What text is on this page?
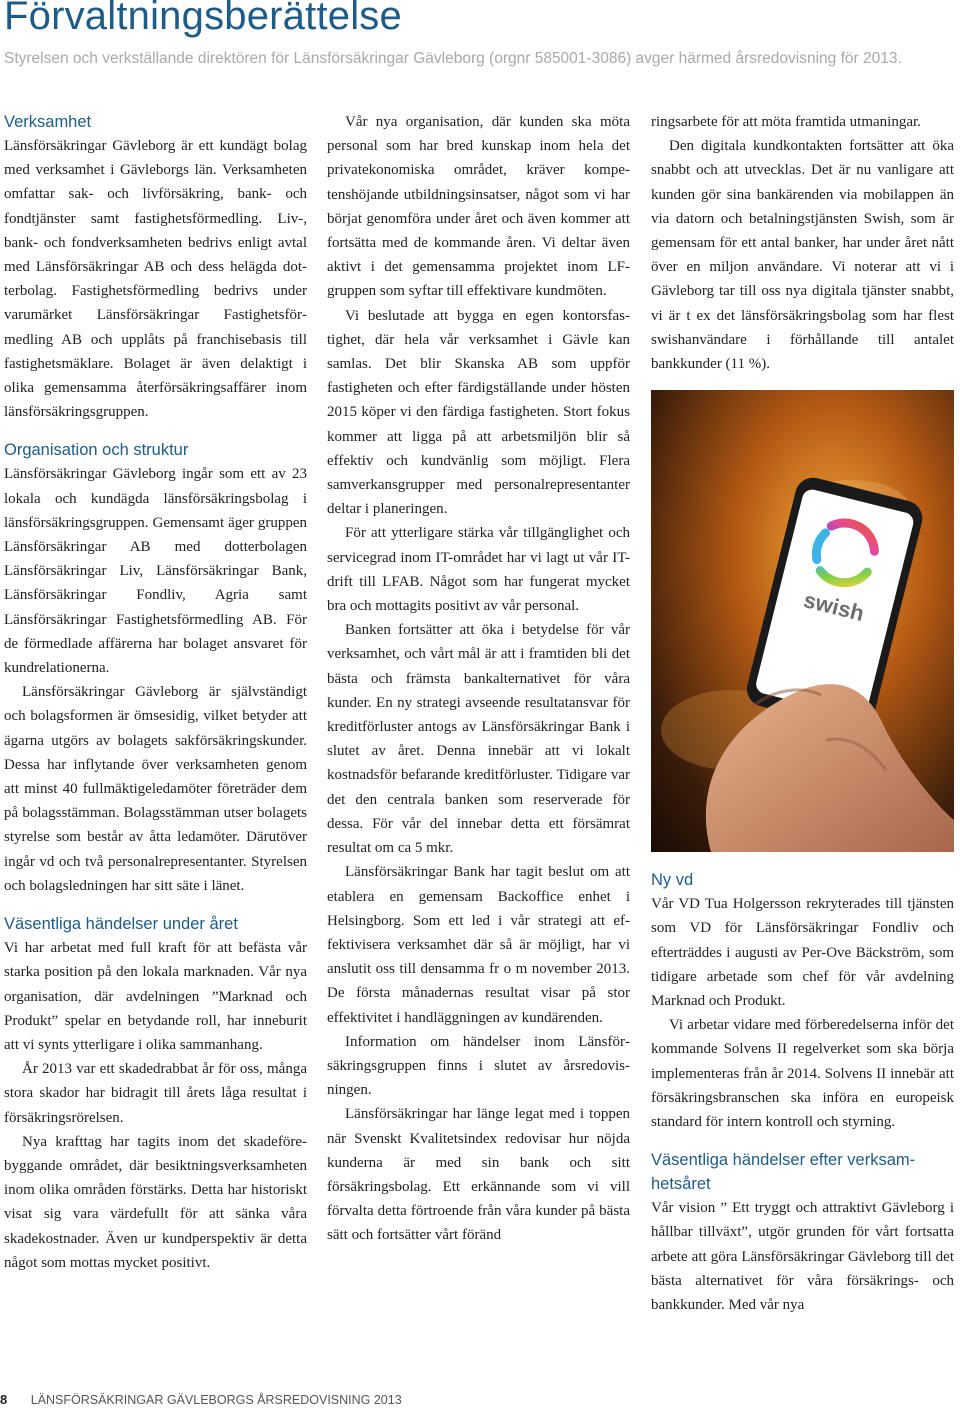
Förvaltningsberättelse

Styrelsen och verkställande direktören för Länsförsäkringar Gävleborg (orgnr 585001-3086) avger härmed årsredovisning för 2013.

Verksamhet

Länsförsäkringar Gävleborg är ett kundägt bolag med verksamhet i Gävleborgs län. Verksamheten omfattar sak- och livförsäkring, bank- och fondtjänster samt fastighetsförmedling. Liv-, bank- och fondverksamheten bedrivs enligt avtal med Länsförsäkringar AB och dess helägda dotterbolag. Fastighetsförmedling bedrivs under varumärket Länsförsäkringar Fastighetsförmedling AB och upplåts på franchisebasis till fastighetsmäklare. Bolaget är även delaktigt i olika gemensamma återförsäkringsaffärer inom länsförsäkringsgruppen.

Organisation och struktur

Länsförsäkringar Gävleborg ingår som ett av 23 lokala och kundägda länsförsäkringsbolag i länsförsäkringsgruppen. Gemensamt äger gruppen Länsförsäkringar AB med dotterbolagen Länsförsäkringar Liv, Länsförsäkringar Bank, Länsförsäkringar Fondliv, Agria samt Länsförsäkringar Fastighetsförmedling AB. För de förmedlade affärerna har bolaget ansvaret för kundrelationerna.

Länsförsäkringar Gävleborg är självständigt och bolagsformen är ömsesidig, vilket betyder att ägarna utgörs av bolagets sakförsäkringskunder. Dessa har inflytande över verksamheten genom att minst 40 fullmäktigeledamöter företräder dem på bolagsstämman. Bolagsstämman utser bolagets styrelse som består av åtta ledamöter. Därutöver ingår vd och två personalrepresentanter. Styrelsen och bolagsledningen har sitt säte i länet.

Väsentliga händelser under året

Vi har arbetat med full kraft för att befästa vår starka position på den lokala marknaden. Vår nya organisation, där avdelningen ”Marknad och Produkt” spelar en betydande roll, har inneburit att vi synts ytterligare i olika sammanhang.

År 2013 var ett skadedrabbat år för oss, många stora skador har bidragit till årets låga resultat i försäkringsrörelsen.

Nya krafttag har tagits inom det skadeförebyggande området, där besiktningsverksamheten inom olika områden förstärks. Detta har historiskt visat sig vara värdefullt för att sänka våra skadekostnader. Även ur kundperspektiv är detta något som mottas mycket positivt.

Vår nya organisation, där kunden ska möta personal som har bred kunskap inom hela det privatekonomiska området, kräver kompetenshöjande utbildningsinsatser, något som vi har börjat genomföra under året och även kommer att fortsätta med de kommande åren. Vi deltar även aktivt i det gemensamma projektet inom LF-gruppen som syftar till effektivare kundmöten.

Vi beslutade att bygga en egen kontorsfastighet, där hela vår verksamhet i Gävle kan samlas. Det blir Skanska AB som uppför fastigheten och efter färdigställande under hösten 2015 köper vi den färdiga fastigheten. Stort fokus kommer att ligga på att arbetsmiljön blir så effektiv och kundvänlig som möjligt. Flera samverkansgrupper med personalrepresentanter deltar i planeringen.

För att ytterligare stärka vår tillgänglighet och servicegrad inom IT-området har vi lagt ut vår IT-drift till LFAB. Något som har fungerat mycket bra och mottagits positivt av vår personal.

Banken fortsätter att öka i betydelse för vår verksamhet, och vårt mål är att i framtiden bli det bästa och främsta bankalternativet för våra kunder. En ny strategi avseende resultatansvar för kreditförluster antogs av Länsförsäkringar Bank i slutet av året. Denna innebär att vi lokalt kostnadsför befarande kreditförluster. Tidigare var det den centrala banken som reserverade för dessa. För vår del innebar detta ett försämrat resultat om ca 5 mkr.

Länsförsäkringar Bank har tagit beslut om att etablera en gemensam Backoffice enhet i Helsingborg. Som ett led i vår strategi att effektivisera verksamhet där så är möjligt, har vi anslutit oss till densamma fr o m november 2013. De första månadernas resultat visar på stor effektivitet i handläggningen av kundärenden.

Information om händelser inom Länsförsäkringsgruppen finns i slutet av årsredovisningen.

Länsförsäkringar har länge legat med i toppen när Svenskt Kvalitetsindex redovisar hur nöjda kunderna är med sin bank och sitt försäkringsbolag. Ett erkännande som vi vill förvalta detta förtroende från våra kunder på bästa sätt och fortsätter vårt föränd

ringsarbete för att möta framtida utmaningar.

Den digitala kundkontakten fortsätter att öka snabbt och att utvecklas. Det är nu vanligare att kunden gör sina bankärenden via mobilappen än via datorn och betalningstjänsten Swish, som är gemensam för ett antal banker, har under året nått över en miljon användare. Vi noterar att vi i Gävleborg tar till oss nya digitala tjänster snabbt, vi är t ex det länsförsäkringsbolag som har flest swishanvändare i förhållande till antalet bankkunder (11 %).

swish
Ny vd

Vår VD Tua Holgersson rekryterades till tjänsten som VD för Länsförsäkringar Fondliv och efterträddes i augusti av Per-Ove Bäckström, som tidigare arbetade som chef för vår avdelning Marknad och Produkt.

Vi arbetar vidare med förberedelserna inför det kommande Solvens II regelverket som ska börja implementeras från år 2014. Solvens II innebär att försäkringsbranschen ska införa en europeisk standard för intern kontroll och styrning.

Väsentliga händelser efter verksamhetsåret

Vår vision ” Ett tryggt och attraktivt Gävleborg i hållbar tillväxt”, utgör grunden för vårt fortsatta arbete att göra Länsförsäkringar Gävleborg till det bästa alternativet för våra försäkrings- och bankkunder. Med vår nya

8 LÄNSFÖRSÄKRINGAR GÄVLEBORGS ÅRSREDOVISNING 2013
